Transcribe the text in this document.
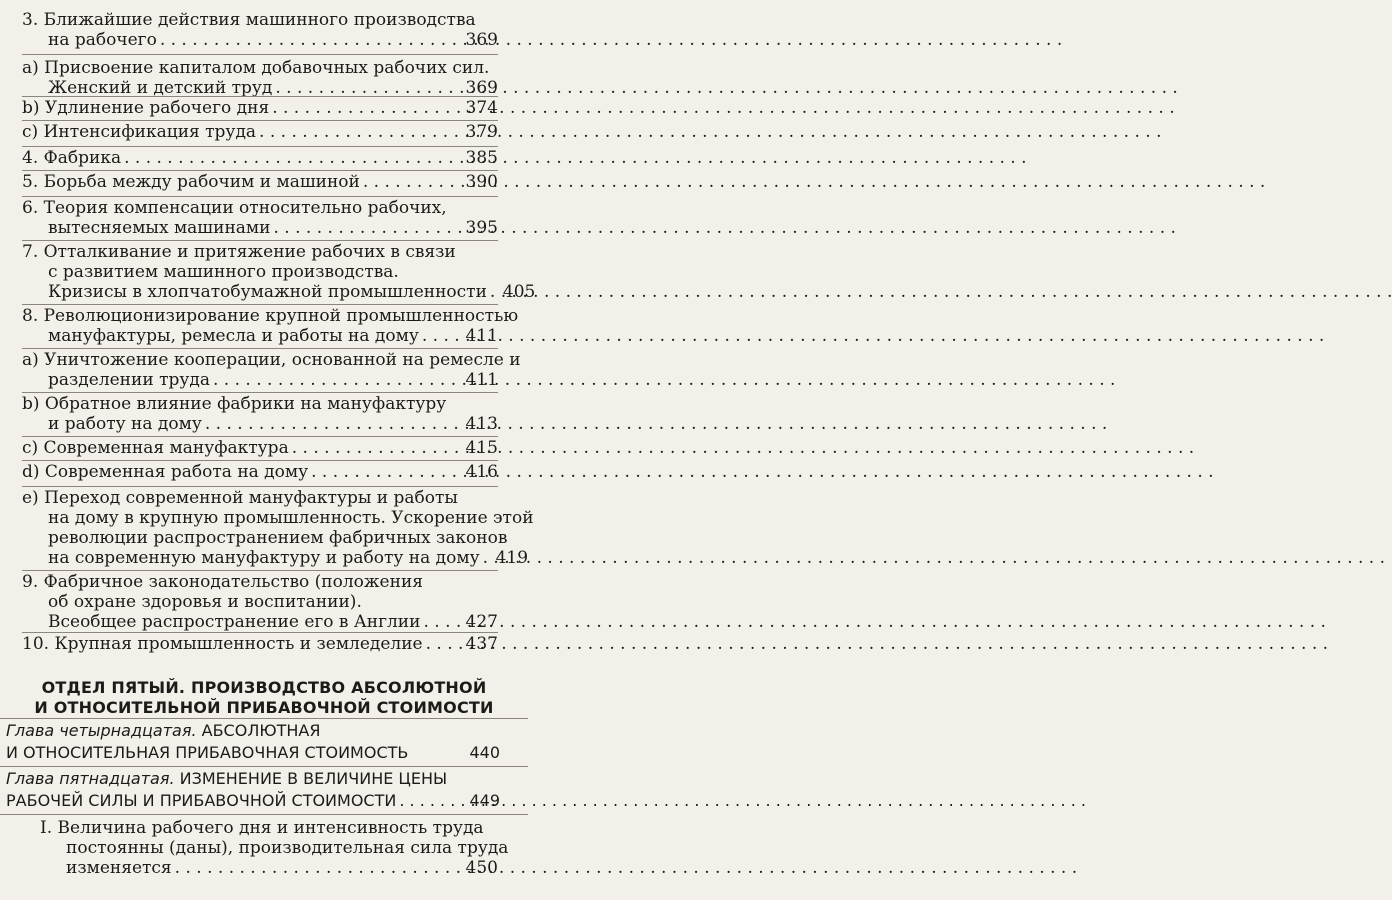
3. Ближайшие действия машинного производства
на рабочего . . .	369
a) Присвоение капиталом добавочных рабочих сил.
Женский и детский труд . . .	369
b) Удлинение рабочего дня . . .	374
c) Интенсификация труда . . .	379
4. Фабрика . . .	385
5. Борьба между рабочим и машиной . . .	390
6. Теория компенсации относительно рабочих,
вытесняемых машинами . . .	395
7. Отталкивание и притяжение рабочих в связи
с развитием машинного производства.
Кризисы в хлопчатобумажной промышленности . . . 405
8. Революционизирование крупной промышленностью
мануфактуры, ремесла и работы на дому . . .	411
a) Уничтожение кооперации, основанной на ремесле и
разделении труда . . .	411
b) Обратное влияние фабрики на мануфактуру
и работу на дому . . .	413
c) Современная мануфактура . . .	415
d) Современная работа на дому . . .	416
e) Переход современной мануфактуры и работы
на дому в крупную промышленность. Ускорение этой
революции распространением фабричных законов
на современную мануфактуру и работу на дому . . . 419
9. Фабричное законодательство (положения
об охране здоровья и воспитании).
Всеобщее распространение его в Англии . . .	427
10. Крупная промышленность и земледелие . . .	437
ОТДЕЛ ПЯТЫЙ. ПРОИЗВОДСТВО АБСОЛЮТНОЙ
И ОТНОСИТЕЛЬНОЙ ПРИБАВОЧНОЙ СТОИМОСТИ
Глава четырнадцатая.
АБСОЛЮТНАЯ
И ОТНОСИТЕЛЬНАЯ ПРИБАВОЧНАЯ СТОИМОСТЬ	440
Глава пятнадцатая.
ИЗМЕНЕНИЕ В ВЕЛИЧИНЕ ЦЕНЫ
РАБОЧЕЙ СИЛЫ И ПРИБАВОЧНОЙ СТОИМОСТИ . . .	449
I. Величина рабочего дня и интенсивность труда
постоянны (даны), производительная сила труда
изменяется . . .	450
